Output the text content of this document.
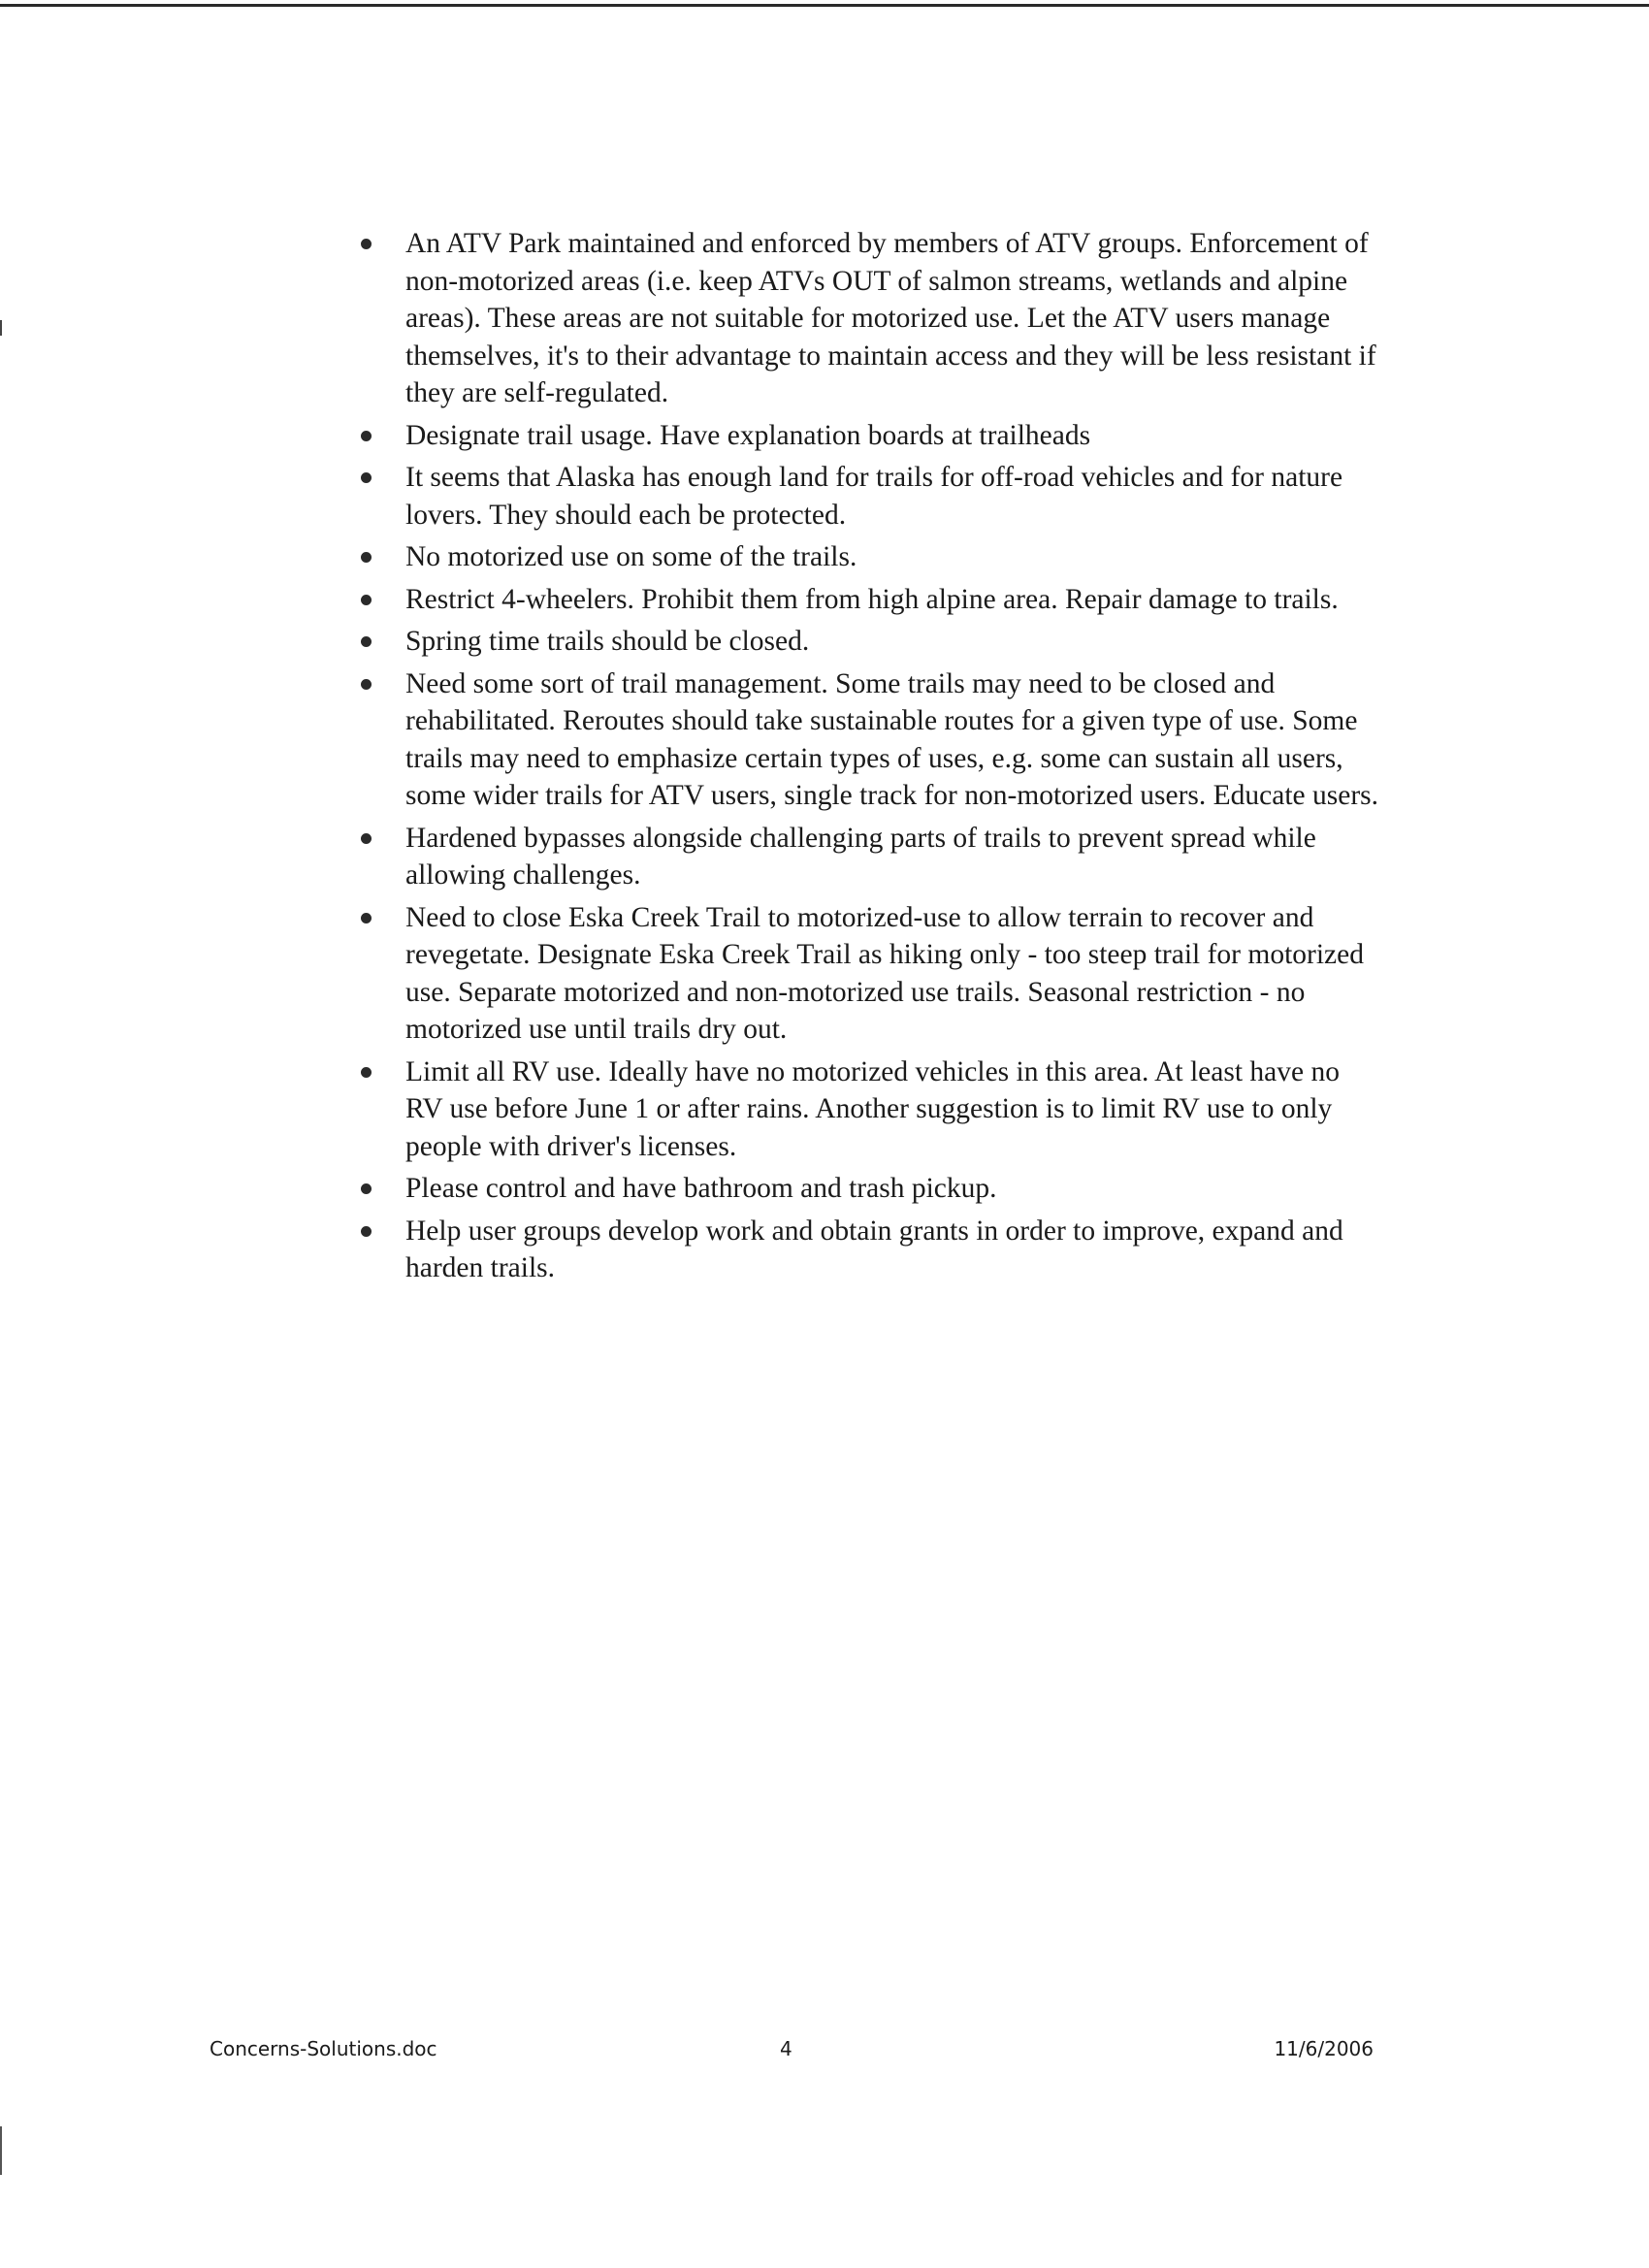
An ATV Park maintained and enforced by members of ATV groups. Enforcement of non-motorized areas (i.e. keep ATVs OUT of salmon streams, wetlands and alpine areas). These areas are not suitable for motorized use. Let the ATV users manage themselves, it's to their advantage to maintain access and they will be less resistant if they are self-regulated.
Designate trail usage. Have explanation boards at trailheads
It seems that Alaska has enough land for trails for off-road vehicles and for nature lovers. They should each be protected.
No motorized use on some of the trails.
Restrict 4-wheelers. Prohibit them from high alpine area. Repair damage to trails.
Spring time trails should be closed.
Need some sort of trail management. Some trails may need to be closed and rehabilitated. Reroutes should take sustainable routes for a given type of use. Some trails may need to emphasize certain types of uses, e.g. some can sustain all users, some wider trails for ATV users, single track for non-motorized users. Educate users.
Hardened bypasses alongside challenging parts of trails to prevent spread while allowing challenges.
Need to close Eska Creek Trail to motorized-use to allow terrain to recover and revegetate. Designate Eska Creek Trail as hiking only - too steep trail for motorized use. Separate motorized and non-motorized use trails. Seasonal restriction - no motorized use until trails dry out.
Limit all RV use. Ideally have no motorized vehicles in this area. At least have no RV use before June 1 or after rains. Another suggestion is to limit RV use to only people with driver's licenses.
Please control and have bathroom and trash pickup.
Help user groups develop work and obtain grants in order to improve, expand and harden trails.
Concerns-Solutions.doc	4	11/6/2006
